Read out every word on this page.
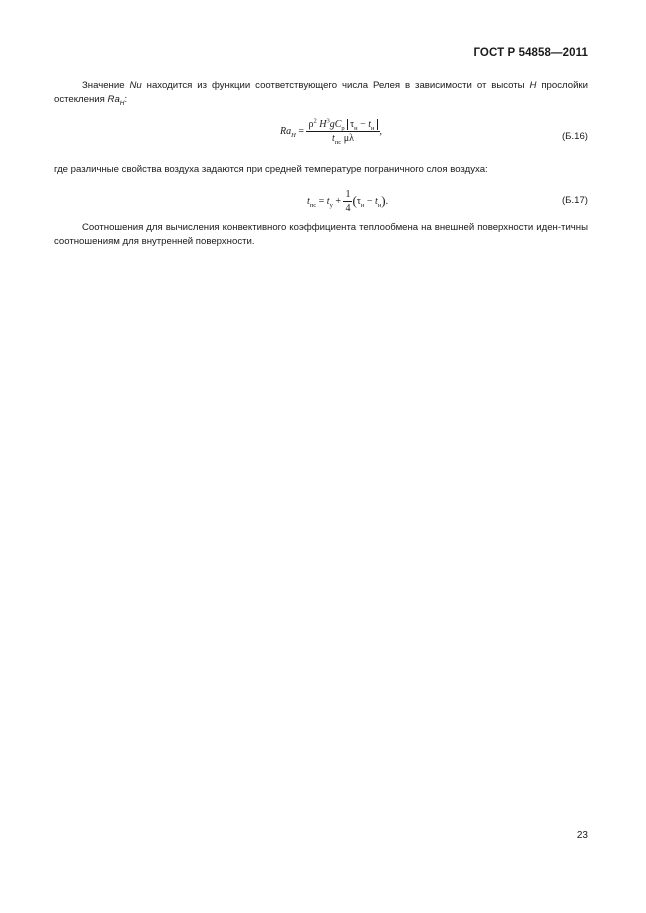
ГОСТ Р 54858—2011
Значение Nu находится из функции соответствующего числа Релея в зависимости от высоты H прослойки остекления $Ra_H$:
$Ra_H = \frac{\rho^2 H^3gC_р \tau_н - t_н}{t_{пс} \mu\lambda}$ ,	(Б.16)
где различные свойства воздуха задаются при средней температуре пограничного слоя воздуха:
$t_{пс} = t_у + \frac{1}{4} (\tau_н - t_н)$.	(Б.17)
Соотношения для вычисления конвективного коэффициента теплообмена на внешней поверхности иден-тичны соотношениям для внутренней поверхности.
23
